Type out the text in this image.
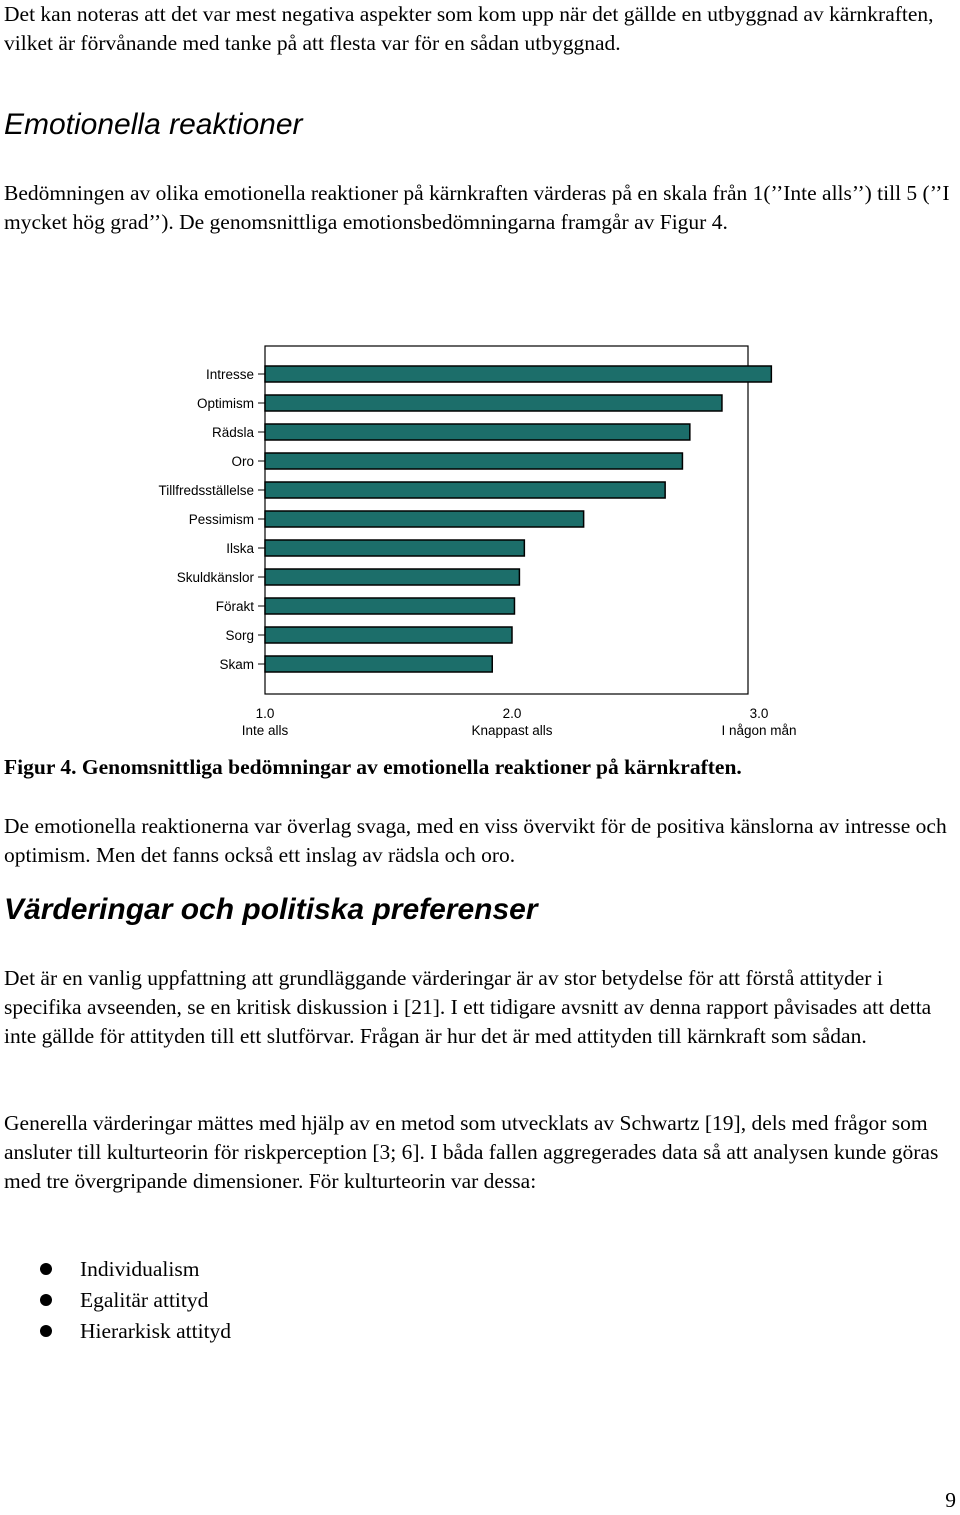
Det kan noteras att det var mest negativa aspekter som kom upp när det gällde en utbyggnad av kärnkraften, vilket är förvånande med tanke på att flesta var för en sådan utbyggnad.

Emotionella reaktioner

Bedömningen av olika emotionella reaktioner på kärnkraften värderas på en skala från 1(’’Inte alls’’) till 5 (’’I mycket hög grad’’). De genomsnittliga emotionsbedömningarna framgår av Figur 4.

Intresse
Optimism
Rädsla
Oro
Tillfredsställelse
Pessimism
Ilska
Skuldkänslor
Förakt
Sorg
Skam
1.0
Inte alls
2.0
Knappast alls
3.0
I någon mån

Figur 4. Genomsnittliga bedömningar av emotionella reaktioner på kärnkraften.

De emotionella reaktionerna var överlag svaga, med en viss övervikt för de positiva känslorna av intresse och optimism. Men det fanns också ett inslag av rädsla och oro.

Värderingar och politiska preferenser

Det är en vanlig uppfattning att grundläggande värderingar är av stor betydelse för att förstå attityder i specifika avseenden, se en kritisk diskussion i [21]. I ett tidigare avsnitt av denna rapport påvisades att detta inte gällde för attityden till ett slutförvar. Frågan är hur det är med attityden till kärnkraft som sådan.

Generella värderingar mättes med hjälp av en metod som utvecklats av Schwartz [19], dels med frågor som ansluter till kulturteorin för riskperception [3; 6]. I båda fallen aggregerades data så att analysen kunde göras med tre övergripande dimensioner. För kulturteorin var dessa:

Individualism
Egalitär attityd
Hierarkisk attityd
9
